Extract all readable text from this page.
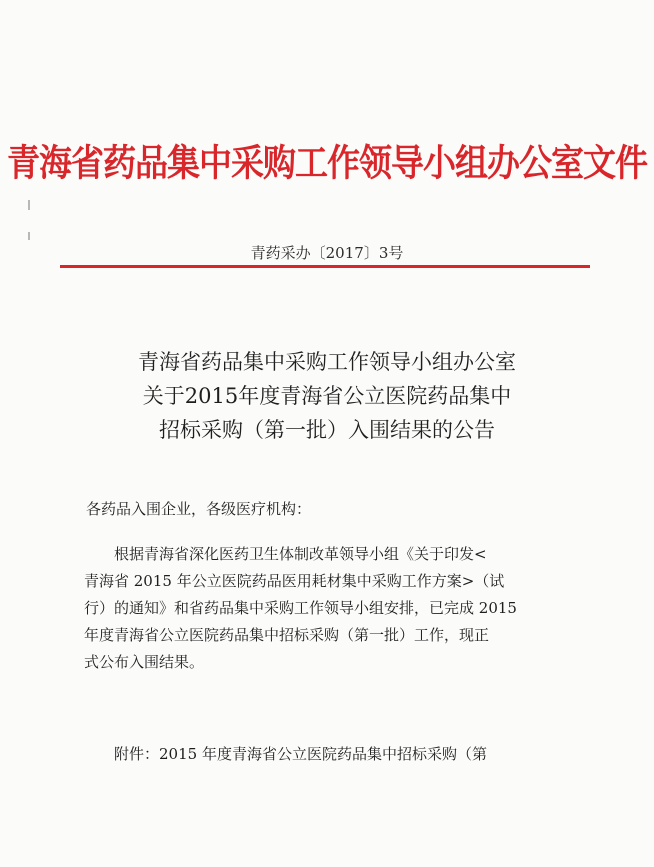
青海省药品集中采购工作领导小组办公室文件
青药采办〔2017〕3号
青海省药品集中采购工作领导小组办公室
关于2015年度青海省公立医院药品集中
招标采购（第一批）入围结果的公告
各药品入围企业，各级医疗机构：
根据青海省深化医药卫生体制改革领导小组《关于印发<
青海省 2015 年公立医院药品医用耗材集中采购工作方案>（试
行）的通知》和省药品集中采购工作领导小组安排，已完成 2015
年度青海省公立医院药品集中招标采购（第一批）工作，现正
式公布入围结果。
附件：2015 年度青海省公立医院药品集中招标采购（第
